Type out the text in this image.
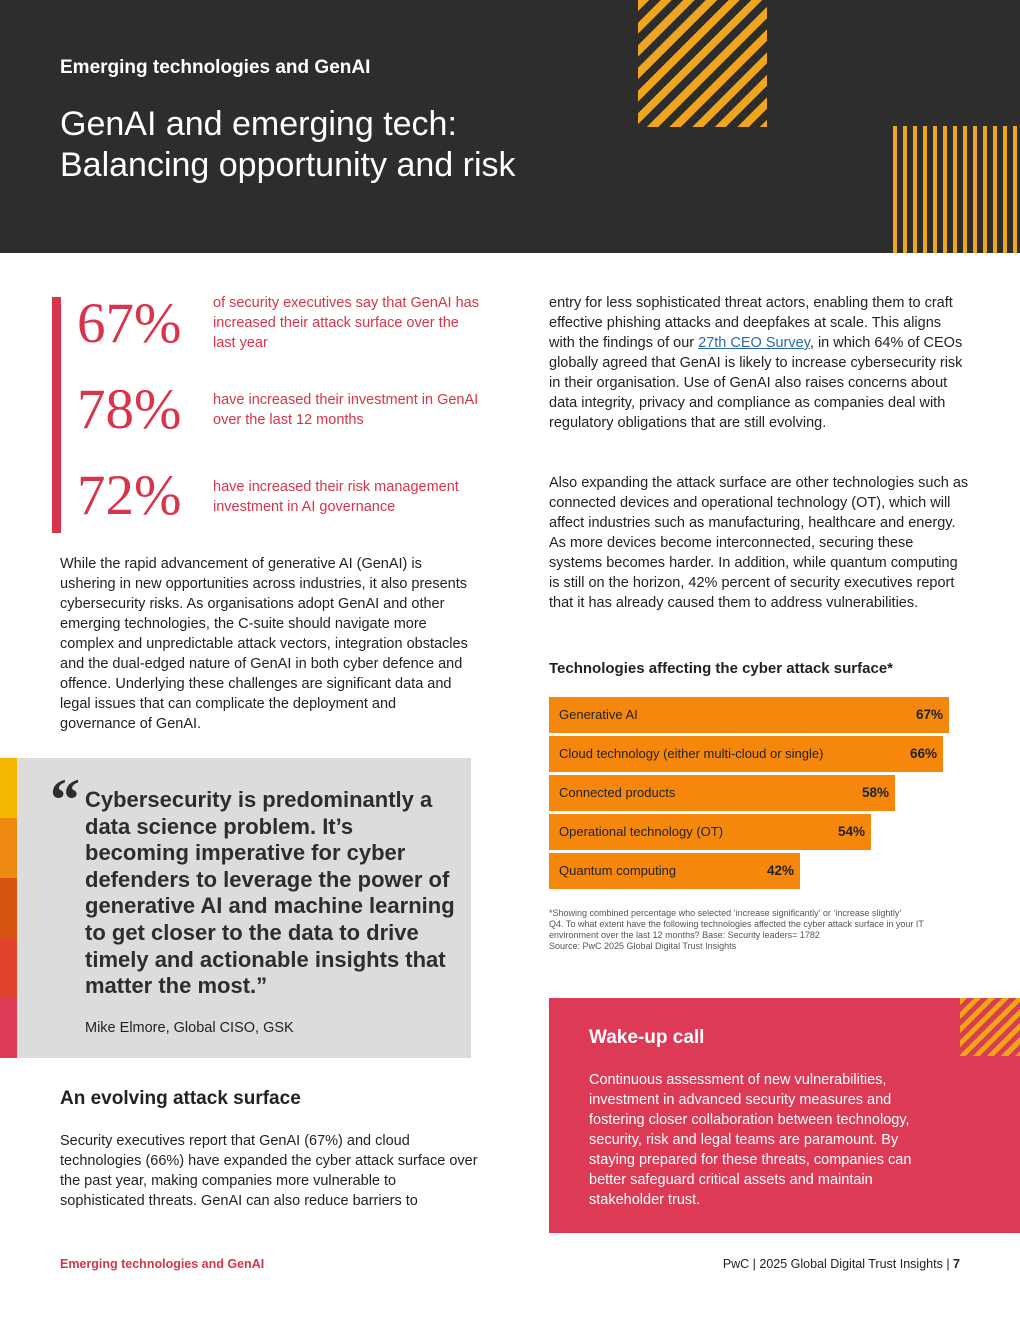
Emerging technologies and GenAI
GenAI and emerging tech:
Balancing opportunity and risk
67% of security executives say that GenAI has increased their attack surface over the last year
78% have increased their investment in GenAI over the last 12 months
72% have increased their risk management investment in AI governance
While the rapid advancement of generative AI (GenAI) is ushering in new opportunities across industries, it also presents cybersecurity risks. As organisations adopt GenAI and other emerging technologies, the C-suite should navigate more complex and unpredictable attack vectors, integration obstacles and the dual-edged nature of GenAI in both cyber defence and offence. Underlying these challenges are significant data and legal issues that can complicate the deployment and governance of GenAI.
“ Cybersecurity is predominantly a data science problem. It’s becoming imperative for cyber defenders to leverage the power of generative AI and machine learning to get closer to the data to drive timely and actionable insights that matter the most.”
Mike Elmore, Global CISO, GSK
An evolving attack surface
Security executives report that GenAI (67%) and cloud technologies (66%) have expanded the cyber attack surface over the past year, making companies more vulnerable to sophisticated threats. GenAI can also reduce barriers to
entry for less sophisticated threat actors, enabling them to craft effective phishing attacks and deepfakes at scale. This aligns with the findings of our 27th CEO Survey, in which 64% of CEOs globally agreed that GenAI is likely to increase cybersecurity risk in their organisation. Use of GenAI also raises concerns about data integrity, privacy and compliance as companies deal with regulatory obligations that are still evolving.
Also expanding the attack surface are other technologies such as connected devices and operational technology (OT), which will affect industries such as manufacturing, healthcare and energy. As more devices become interconnected, securing these systems becomes harder. In addition, while quantum computing is still on the horizon, 42% percent of security executives report that it has already caused them to address vulnerabilities.
Technologies affecting the cyber attack surface*
Generative AI	67%
Cloud technology (either multi-cloud or single)	66%
Connected products	58%
Operational technology (OT)	54%
Quantum computing	42%
*Showing combined percentage who selected ‘increase significantly’ or ‘increase slightly’
Q4. To what extent have the following technologies affected the cyber attack surface in your IT environment over the last 12 months? Base: Security leaders= 1782
Source: PwC 2025 Global Digital Trust Insights
Wake-up call
Continuous assessment of new vulnerabilities, investment in advanced security measures and fostering closer collaboration between technology, security, risk and legal teams are paramount. By staying prepared for these threats, companies can better safeguard critical assets and maintain stakeholder trust.
Emerging technologies and GenAI	PwC | 2025 Global Digital Trust Insights | 7
